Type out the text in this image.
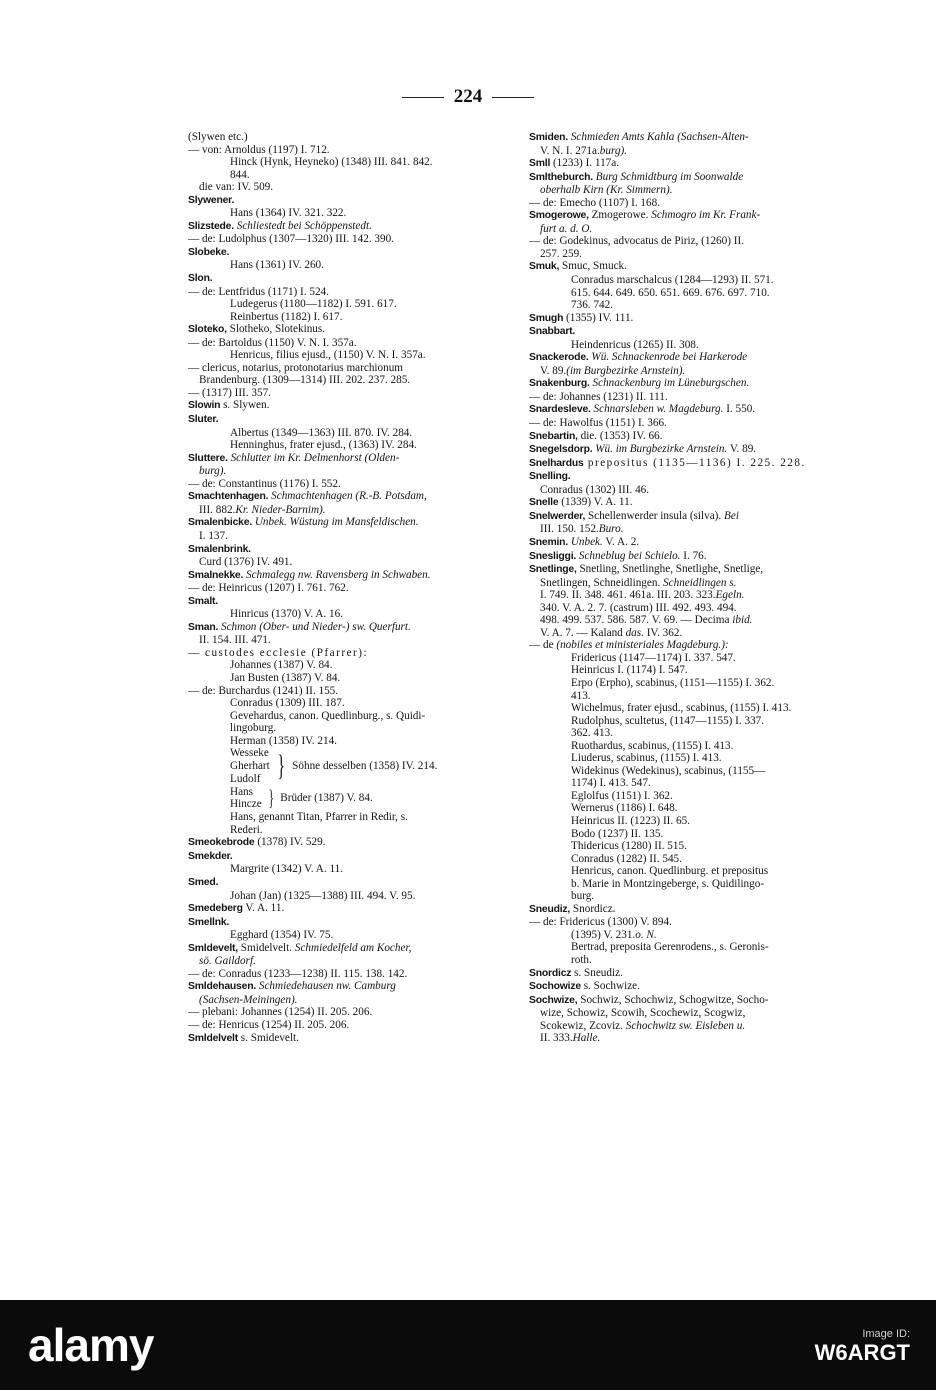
224
(Slywen etc.)
— von: Arnoldus (1197) I. 712.
Hinck (Hynk, Heyneko) (1348) III. 841. 842.
844.
die van: IV. 509.
Slywener.
Hans (1364) IV. 321. 322.
Slizstede. Schliestedt bei Schöppenstedt.
— de: Ludolphus (1307—1320) III. 142. 390.
Slobeke.
Hans (1361) IV. 260.
Slon.
— de: Lentfridus (1171) I. 524.
Ludegerus (1180—1182) I. 591. 617.
Reinbertus (1182) I. 617.
Sloteko, Slotheko, Slotekinus.
— de: Bartoldus (1150) V. N. I. 357a.
Henricus, filius ejusd., (1150) V. N. I. 357a.
— clericus, notarius, protonotarius marchionum
Brandenburg. (1309—1314) III. 202. 237. 285.
— (1317) III. 357.
Slowin s. Slywen.
Sluter.
Albertus (1349—1363) III. 870. IV. 284.
Henninghus, frater ejusd., (1363) IV. 284.
Sluttere. Schlutter im Kr. Delmenhorst (Olden-
burg).
— de: Constantinus (1176) I. 552.
Smachtenhagen. Schmachtenhagen (R.-B. Potsdam,
III. 882.Kr. Nieder-Barnim).
Smalenbicke. Unbek. Wüstung im Mansfeldischen.
I. 137.
Smalenbrink.
Curd (1376) IV. 491.
Smalnekke. Schmalegg nw. Ravensberg in Schwaben.
— de: Heinricus (1207) I. 761. 762.
Smalt.
Hinricus (1370) V. A. 16.
Sman. Schmon (Ober- und Nieder-) sw. Querfurt.
II. 154. III. 471.
— custodes ecclesie (Pfarrer):
Johannes (1387) V. 84.
Jan Busten (1387) V. 84.
— de: Burchardus (1241) II. 155.
Conradus (1309) III. 187.
Gevehardus, canon. Quedlinburg., s. Quidi-
lingoburg.
Herman (1358) IV. 214.
Wesseke
Gherhart
Ludolf } Söhne desselben (1358) IV. 214.
Hans
Hincze } Brüder (1387) V. 84.
Hans, genannt Titan, Pfarrer in Redir, s.
Rederi.
Smeokebrode (1378) IV. 529.
Smekder.
Margrite (1342) V. A. 11.
Smed.
Johan (Jan) (1325—1388) III. 494. V. 95.
Smedeberg V. A. 11.
Smellnk.
Egghard (1354) IV. 75.
Smldevelt, Smidelvelt. Schmiedelfeld am Kocher,
sö. Gaildorf.
— de: Conradus (1233—1238) II. 115. 138. 142.
Smldehausen. Schmiedehausen nw. Camburg
(Sachsen-Meiningen).
— plebani: Johannes (1254) II. 205. 206.
— de: Henricus (1254) II. 205. 206.
Smldelvelt s. Smidevelt.
Smiden. Schmieden Amts Kahla (Sachsen-Alten-
V. N. I. 271a.burg).
Smll (1233) I. 117a.
Smltheburch. Burg Schmidtburg im Soonwalde
oberhalb Kirn (Kr. Simmern).
— de: Emecho (1107) I. 168.
Smogerowe, Zmogerowe. Schmogro im Kr. Frank-
furt a. d. O.
— de: Godekinus, advocatus de Piriz, (1260) II.
257. 259.
Smuk, Smuc, Smuck.
Conradus marschalcus (1284—1293) II. 571.
615. 644. 649. 650. 651. 669. 676. 697. 710.
736. 742.
Smugh (1355) IV. 111.
Snabbart.
Heindenricus (1265) II. 308.
Snackerode. Wü. Schnackenrode bei Harkerode
V. 89.(im Burgbezirke Arnstein).
Snakenburg. Schnackenburg im Lüneburgschen.
— de: Johannes (1231) II. 111.
Snardesleve. Schnarsleben w. Magdeburg. I. 550.
— de: Hawolfus (1151) I. 366.
Snebartin, die. (1353) IV. 66.
Snegelsdorp. Wü. im Burgbezirke Arnstein. V. 89.
Snelhardus prepositus (1135—1136) I. 225. 228.
Snelling.
Conradus (1302) III. 46.
Snelle (1339) V. A. 11.
Snelwerder, Schellenwerder insula (silva). Bei
III. 150. 152.Buro.
Snemin. Unbek. V. A. 2.
Snesliggi. Schneblug bei Schielo. I. 76.
Snetlinge, Snetling, Snetlinghe, Snetlighe, Snetlige,
Snetlingen, Schneidlingen. Schneidlingen s.
I. 749. II. 348. 461. 461a. III. 203. 323.Egeln.
340. V. A. 2. 7. (castrum) III. 492. 493. 494.
498. 499. 537. 586. 587. V. 69. — Decima ibid.
V. A. 7. — Kaland das. IV. 362.
— de (nobiles et ministeriales Magdeburg.):
Fridericus (1147—1174) I. 337. 547.
Heinricus I. (1174) I. 547.
Erpo (Erpho), scabinus, (1151—1155) I. 362.
413.
Wichelmus, frater ejusd., scabinus, (1155) I. 413.
Rudolphus, scultetus, (1147—1155) I. 337.
362. 413.
Ruothardus, scabinus, (1155) I. 413.
Liuderus, scabinus, (1155) I. 413.
Widekinus (Wedekinus), scabinus, (1155—
1174) I. 413. 547.
Eglolfus (1151) I. 362.
Wernerus (1186) I. 648.
Heinricus II. (1223) II. 65.
Bodo (1237) II. 135.
Thidericus (1280) II. 515.
Conradus (1282) II. 545.
Henricus, canon. Quedlinburg. et prepositus
b. Marie in Montzingeberge, s. Quidilingo-
burg.
Sneudiz, Snordicz.
— de: Fridericus (1300) V. 894.
(1395) V. 231.o. N.
Bertrad, preposita Gerenrodens., s. Geronis-
roth.
Snordicz s. Sneudiz.
Sochowize s. Sochwize.
Sochwize, Sochwiz, Schochwiz, Schogwitze, Socho-
wize, Schowiz, Scowih, Scochewiz, Scogwiz,
Scokewiz, Zcoviz. Schochwitz sw. Eisleben u.
II. 333.Halle.
alamy	Image ID:
W6ARGT
